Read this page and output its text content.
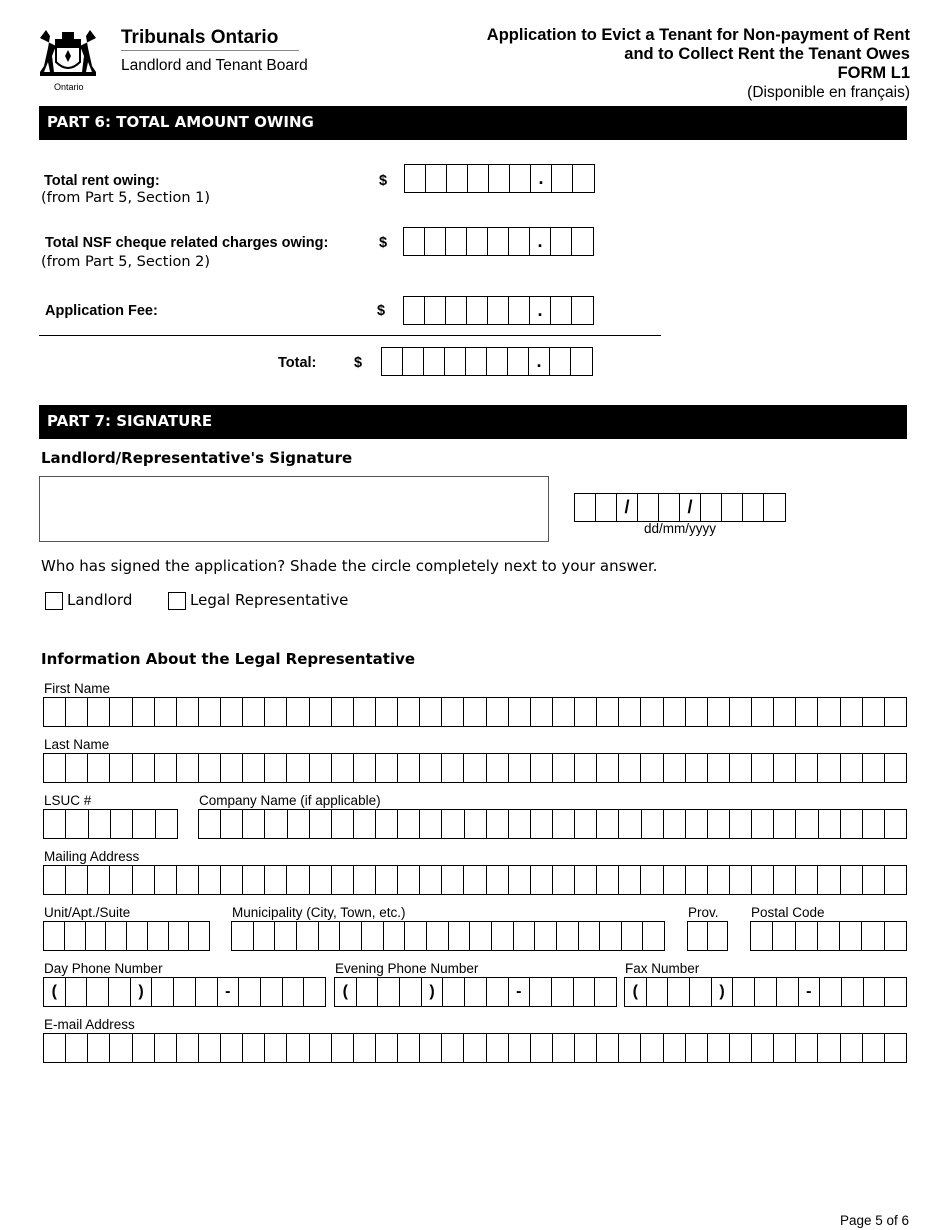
Ontario
Tribunals Ontario
Landlord and Tenant Board
Application to Evict a Tenant for Non-payment of Rent
and to Collect Rent the Tenant Owes
FORM L1
(Disponible en français)
PART 6: TOTAL AMOUNT OWING
Total rent owing:
(from Part 5, Section 1)
$	.
Total NSF cheque related charges owing:
(from Part 5, Section 2)
$	.
Application Fee:	$	.
Total:	$	.
PART 7: SIGNATURE
Landlord/Representative's Signature
/	/
dd/mm/yyyy
Who has signed the application? Shade the circle completely next to your answer.
Landlord	Legal Representative
Information About the Legal Representative
First Name
Last Name
LSUC #	Company Name (if applicable)
Mailing Address
Unit/Apt./Suite	Municipality (City, Town, etc.)	Prov. Postal Code
Day Phone Number
(	)	-
Evening Phone Number
(	)	-
Fax Number
(	)	-
E-mail Address
Page 5 of 6
